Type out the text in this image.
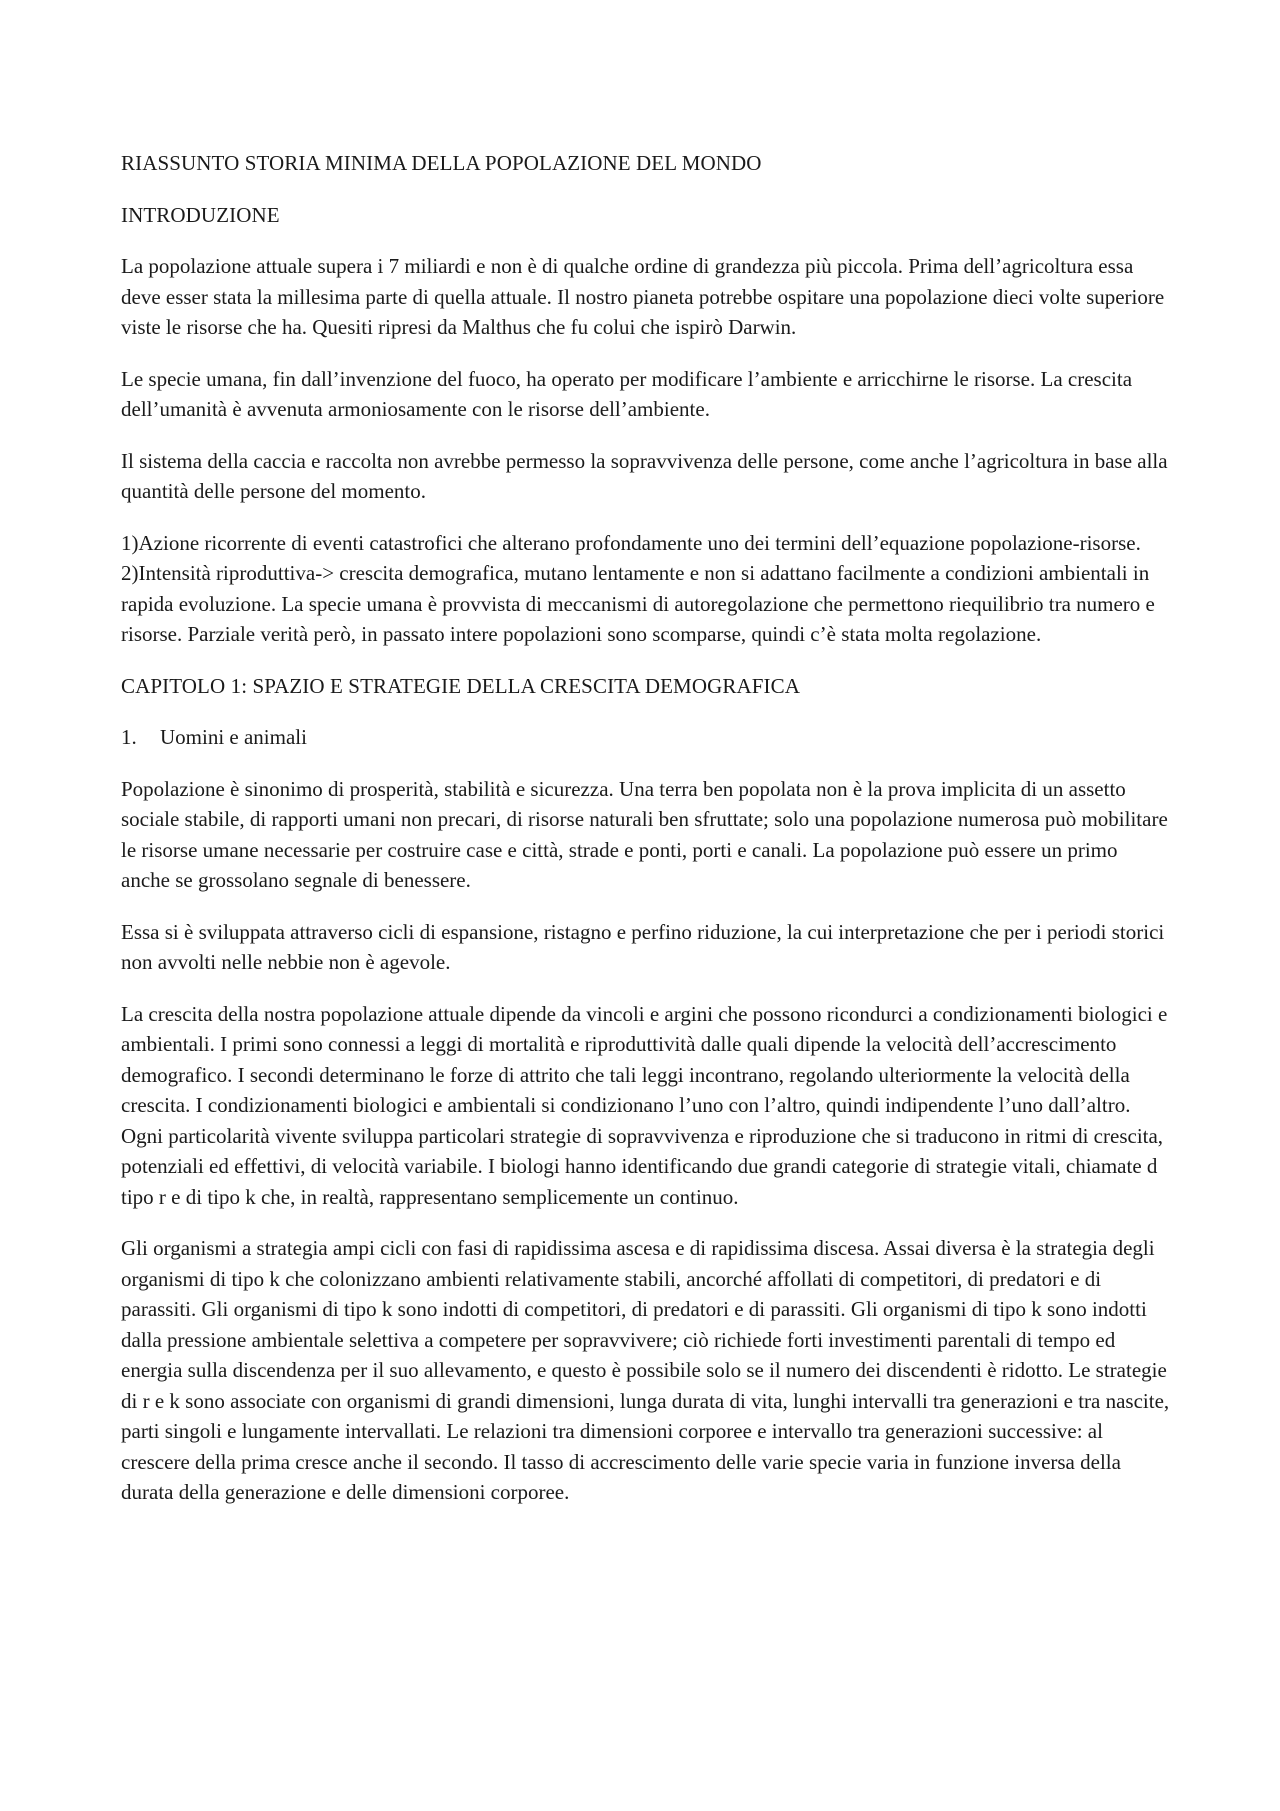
RIASSUNTO STORIA MINIMA DELLA POPOLAZIONE DEL MONDO

INTRODUZIONE

La popolazione attuale supera i 7 miliardi e non è di qualche ordine di grandezza più piccola. Prima dell’agricoltura essa deve esser stata la millesima parte di quella attuale. Il nostro pianeta potrebbe ospitare una popolazione dieci volte superiore viste le risorse che ha. Quesiti ripresi da Malthus che fu colui che ispirò Darwin.

Le specie umana, fin dall’invenzione del fuoco, ha operato per modificare l’ambiente e arricchirne le risorse. La crescita dell’umanità è avvenuta armoniosamente con le risorse dell’ambiente.

Il sistema della caccia e raccolta non avrebbe permesso la sopravvivenza delle persone, come anche l’agricoltura in base alla quantità delle persone del momento.

1)Azione ricorrente di eventi catastrofici che alterano profondamente uno dei termini dell’equazione popolazione-risorse. 2)Intensità riproduttiva-> crescita demografica, mutano lentamente e non si adattano facilmente a condizioni ambientali in rapida evoluzione. La specie umana è provvista di meccanismi di autoregolazione che permettono riequilibrio tra numero e risorse. Parziale verità però, in passato intere popolazioni sono scomparse, quindi c’è stata molta regolazione.

CAPITOLO 1: SPAZIO E STRATEGIE DELLA CRESCITA DEMOGRAFICA

1.	Uomini e animali

Popolazione è sinonimo di prosperità, stabilità e sicurezza. Una terra ben popolata non è la prova implicita di un assetto sociale stabile, di rapporti umani non precari, di risorse naturali ben sfruttate; solo una popolazione numerosa può mobilitare le risorse umane necessarie per costruire case e città, strade e ponti, porti e canali. La popolazione può essere un primo anche se grossolano segnale di benessere.

Essa si è sviluppata attraverso cicli di espansione, ristagno e perfino riduzione, la cui interpretazione che per i periodi storici non avvolti nelle nebbie non è agevole.

La crescita della nostra popolazione attuale dipende da vincoli e argini che possono ricondurci a condizionamenti biologici e ambientali. I primi sono connessi a leggi di mortalità e riproduttività dalle quali dipende la velocità dell’accrescimento demografico. I secondi determinano le forze di attrito che tali leggi incontrano, regolando ulteriormente la velocità della crescita. I condizionamenti biologici e ambientali si condizionano l’uno con l’altro, quindi indipendente l’uno dall’altro. Ogni particolarità vivente sviluppa particolari strategie di sopravvivenza e riproduzione che si traducono in ritmi di crescita, potenziali ed effettivi, di velocità variabile. I biologi hanno identificando due grandi categorie di strategie vitali, chiamate d tipo r e di tipo k che, in realtà, rappresentano semplicemente un continuo.

Gli organismi a strategia ampi cicli con fasi di rapidissima ascesa e di rapidissima discesa. Assai diversa è la strategia degli organismi di tipo k che colonizzano ambienti relativamente stabili, ancorché affollati di competitori, di predatori e di parassiti. Gli organismi di tipo k sono indotti di competitori, di predatori e di parassiti. Gli organismi di tipo k sono indotti dalla pressione ambientale selettiva a competere per sopravvivere; ciò richiede forti investimenti parentali di tempo ed energia sulla discendenza per il suo allevamento, e questo è possibile solo se il numero dei discendenti è ridotto. Le strategie di r e k sono associate con organismi di grandi dimensioni, lunga durata di vita, lunghi intervalli tra generazioni e tra nascite, parti singoli e lungamente intervallati. Le relazioni tra dimensioni corporee e intervallo tra generazioni successive: al crescere della prima cresce anche il secondo. Il tasso di accrescimento delle varie specie varia in funzione inversa della durata della generazione e delle dimensioni corporee.
